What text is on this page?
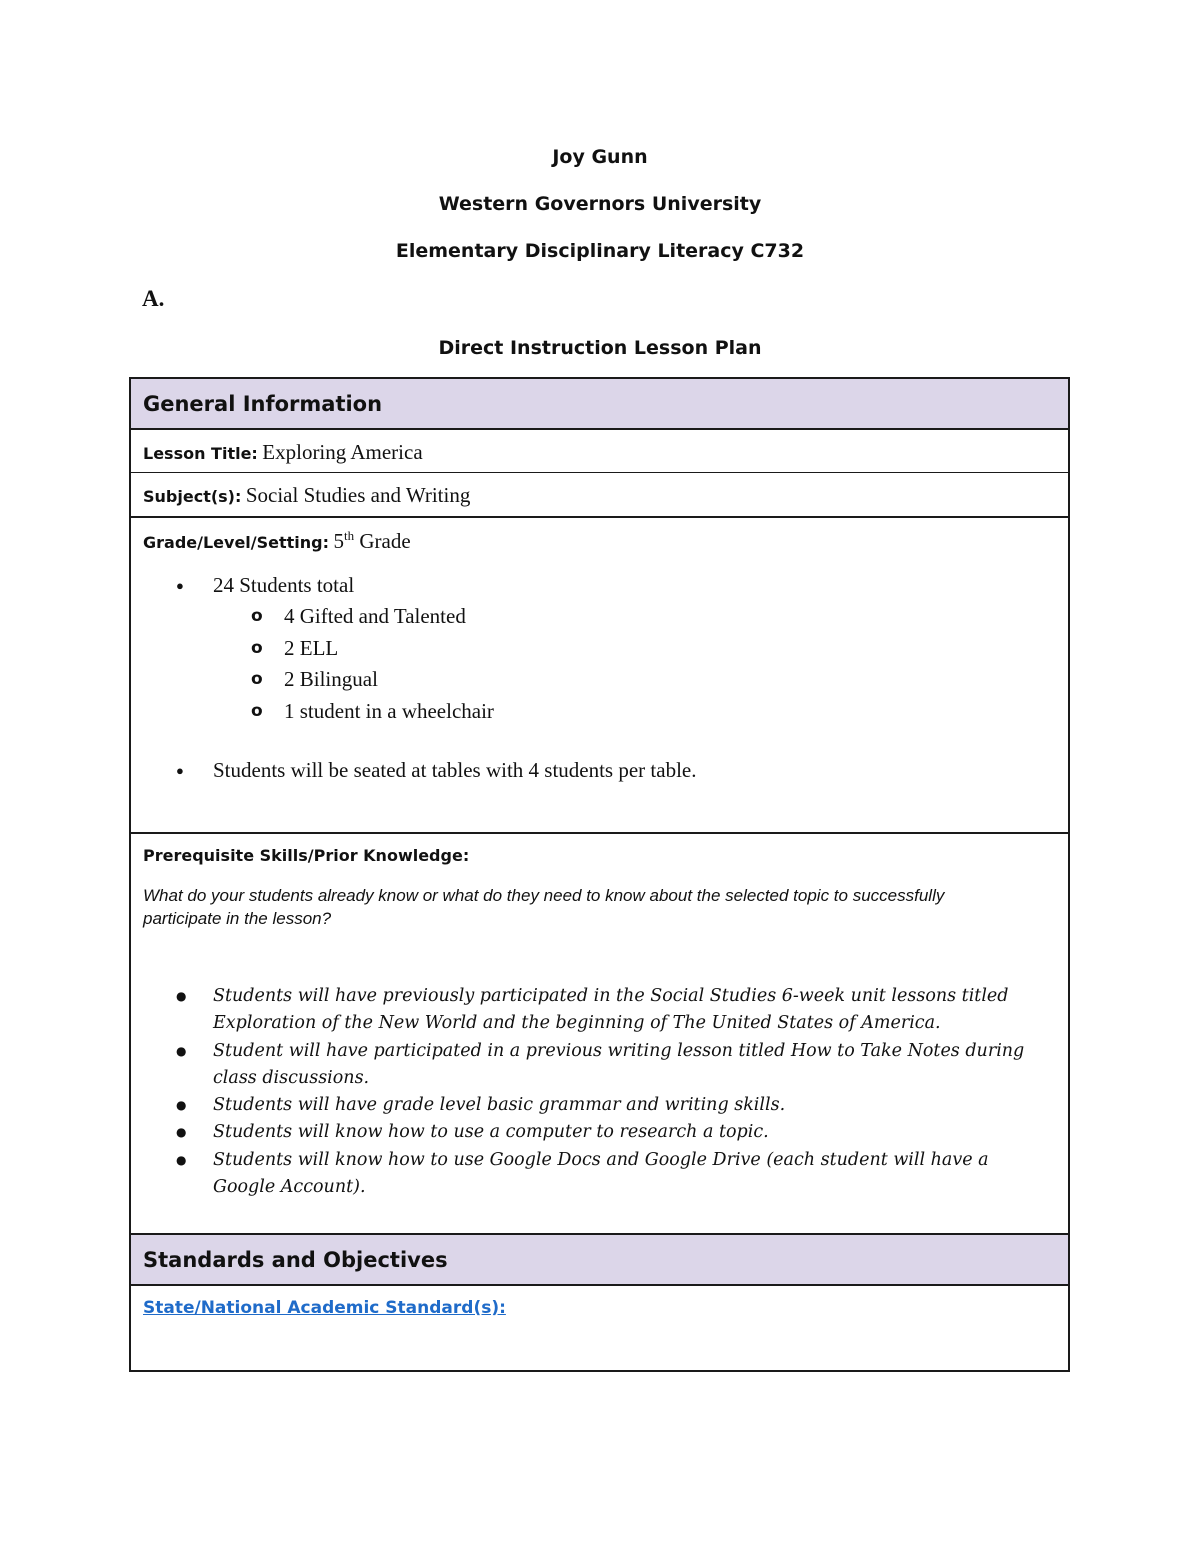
Joy Gunn
Western Governors University
Elementary Disciplinary Literacy C732
A.
Direct Instruction Lesson Plan
General Information
Lesson Title: Exploring America
Subject(s): Social Studies and Writing
Grade/Level/Setting: 5th Grade
● 24 Students total
o 4 Gifted and Talented
o 2 ELL
o 2 Bilingual
o 1 student in a wheelchair
● Students will be seated at tables with 4 students per table.
Prerequisite Skills/Prior Knowledge:
What do your students already know or what do they need to know about the selected topic to successfully participate in the lesson?
● Students will have previously participated in the Social Studies 6-week unit lessons titled Exploration of the New World and the beginning of The United States of America.
● Student will have participated in a previous writing lesson titled How to Take Notes during class discussions.
● Students will have grade level basic grammar and writing skills.
● Students will know how to use a computer to research a topic.
● Students will know how to use Google Docs and Google Drive (each student will have a Google Account).
Standards and Objectives
State/National Academic Standard(s):
